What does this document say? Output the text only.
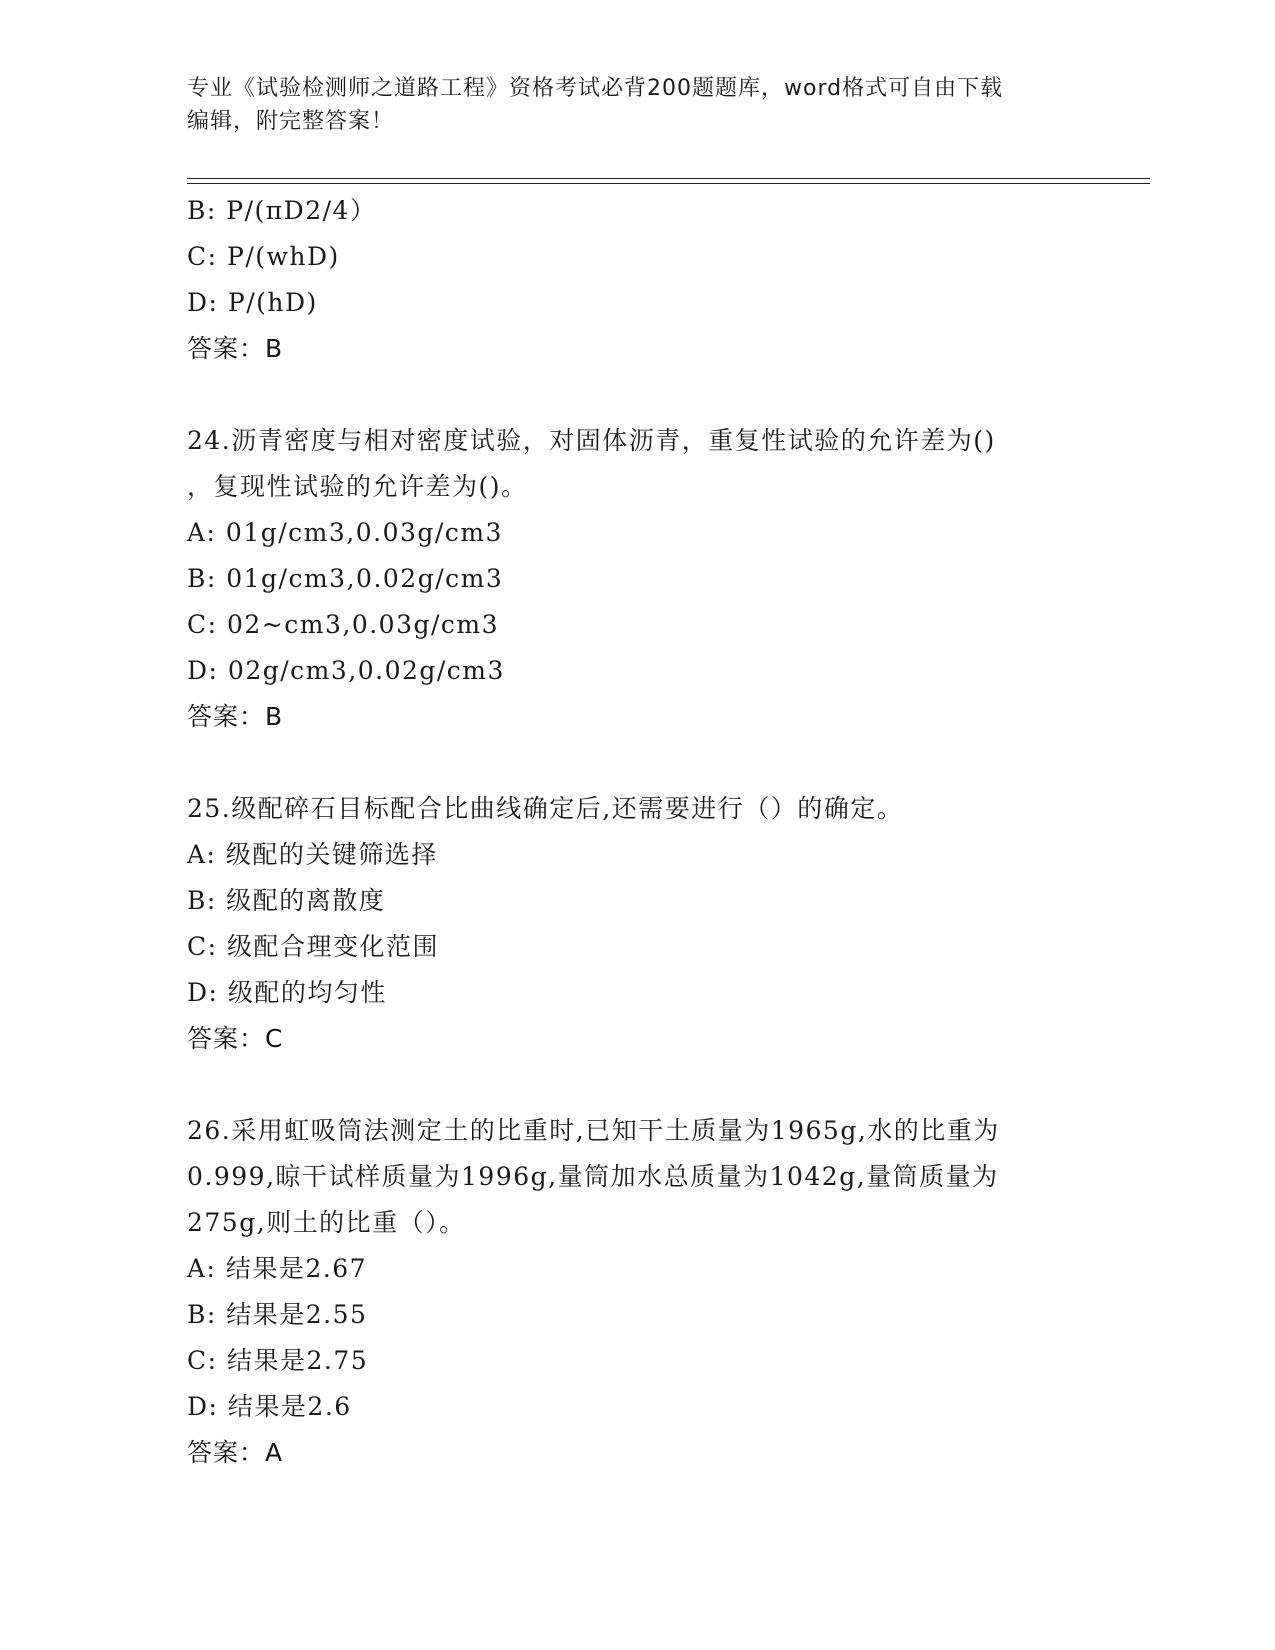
专业《试验检测师之道路工程》资格考试必背200题题库，word格式可自由下载
编辑，附完整答案！
B: P/(πD2/4）
C: P/(whD)
D: P/(hD)
答案：B
24.沥青密度与相对密度试验，对固体沥青，重复性试验的允许差为()
，复现性试验的允许差为()。
A: 01g/cm3,0.03g/cm3
B: 01g/cm3,0.02g/cm3
C: 02~cm3,0.03g/cm3
D: 02g/cm3,0.02g/cm3
答案：B
25.级配碎石目标配合比曲线确定后,还需要进行（）的确定。
A: 级配的关键筛选择
B: 级配的离散度
C: 级配合理变化范围
D: 级配的均匀性
答案：C
26.采用虹吸筒法测定土的比重时,已知干土质量为1965g,水的比重为
0.999,晾干试样质量为1996g,量筒加水总质量为1042g,量筒质量为
275g,则土的比重（）。
A: 结果是2.67
B: 结果是2.55
C: 结果是2.75
D: 结果是2.6
答案：A
